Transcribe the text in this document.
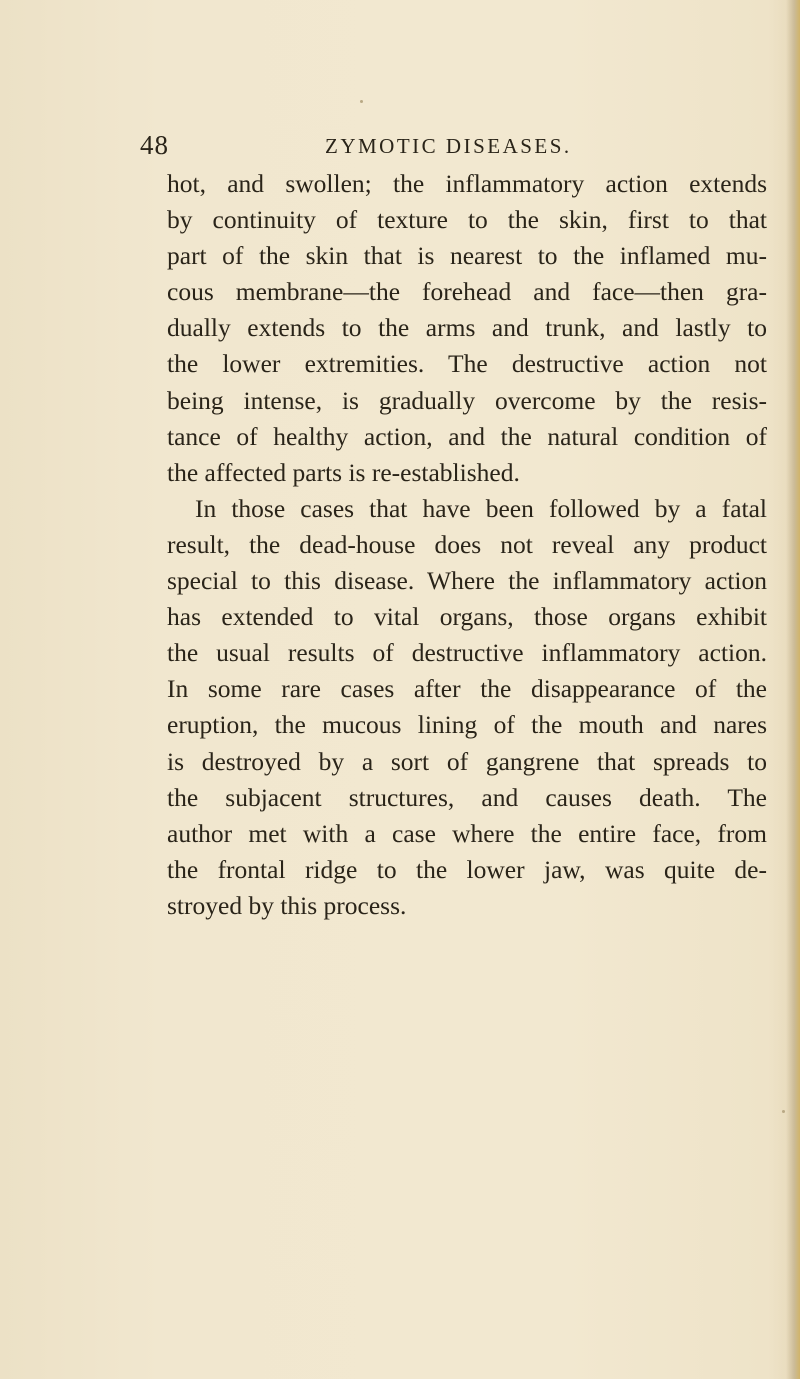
48	ZYMOTIC DISEASES.
hot, and swollen; the inflammatory action extends
by continuity of texture to the skin, first to that
part of the skin that is nearest to the inflamed mu-
cous membrane—the forehead and face—then gra-
dually extends to the arms and trunk, and lastly to
the lower extremities. The destructive action not
being intense, is gradually overcome by the resis-
tance of healthy action, and the natural condition of
the affected parts is re-established.
In those cases that have been followed by a fatal
result, the dead-house does not reveal any product
special to this disease. Where the inflammatory action
has extended to vital organs, those organs exhibit
the usual results of destructive inflammatory action.
In some rare cases after the disappearance of the
eruption, the mucous lining of the mouth and nares
is destroyed by a sort of gangrene that spreads to
the subjacent structures, and causes death. The
author met with a case where the entire face, from
the frontal ridge to the lower jaw, was quite de-
stroyed by this process.
